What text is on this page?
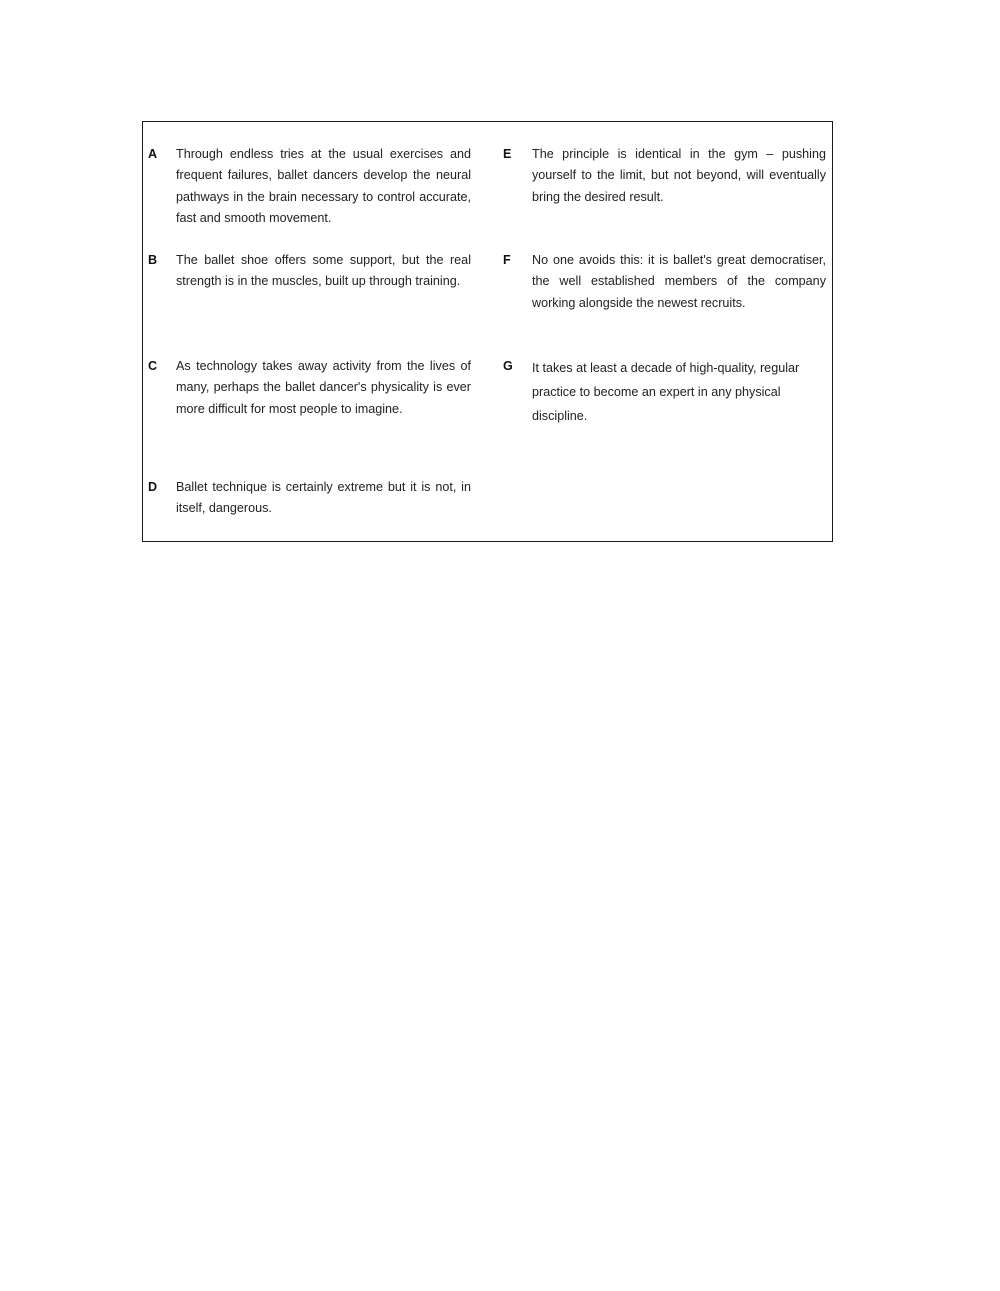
A Through endless tries at the usual exercises and frequent failures, ballet dancers develop the neural pathways in the brain necessary to control accurate, fast and smooth movement.
B The ballet shoe offers some support, but the real strength is in the muscles, built up through training.
C As technology takes away activity from the lives of many, perhaps the ballet dancer's physicality is ever more difficult for most people to imagine.
D Ballet technique is certainly extreme but it is not, in itself, dangerous.
E The principle is identical in the gym – pushing yourself to the limit, but not beyond, will eventually bring the desired result.
F No one avoids this: it is ballet's great democratiser, the well established members of the company working alongside the newest recruits.
G It takes at least a decade of high-quality, regular practice to become an expert in any physical discipline.
